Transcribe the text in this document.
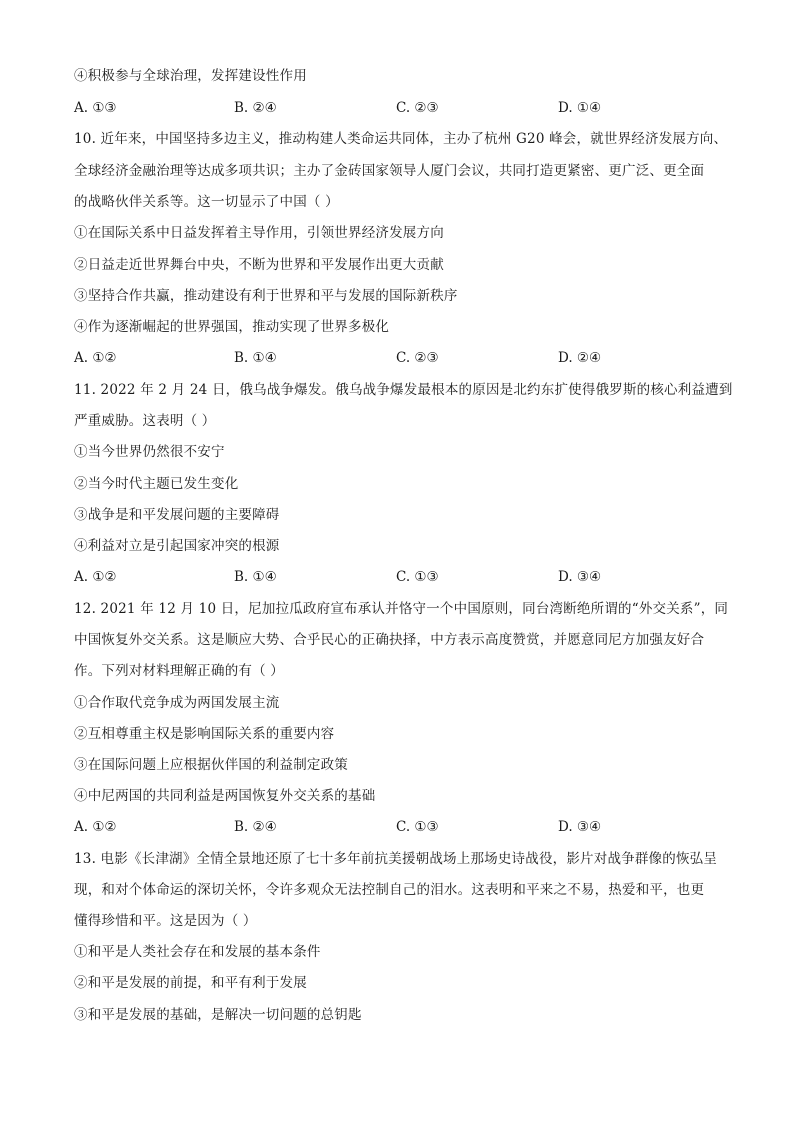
④积极参与全球治理，发挥建设性作用
A. ①③	B. ②④	C. ②③	D. ①④
10. 近年来，中国坚持多边主义，推动构建人类命运共同体，主办了杭州 G20 峰会，就世界经济发展方向、
全球经济金融治理等达成多项共识；主办了金砖国家领导人厦门会议，共同打造更紧密、更广泛、更全面
的战略伙伴关系等。这一切显示了中国（ ）
①在国际关系中日益发挥着主导作用，引领世界经济发展方向
②日益走近世界舞台中央，不断为世界和平发展作出更大贡献
③坚持合作共赢，推动建设有利于世界和平与发展的国际新秩序
④作为逐渐崛起的世界强国，推动实现了世界多极化
A. ①②	B. ①④	C. ②③	D. ②④
11. 2022 年 2 月 24 日，俄乌战争爆发。俄乌战争爆发最根本的原因是北约东扩使得俄罗斯的核心利益遭到
严重威胁。这表明（ ）
①当今世界仍然很不安宁
②当今时代主题已发生变化
③战争是和平发展问题的主要障碍
④利益对立是引起国家冲突的根源
A. ①②	B. ①④	C. ①③	D. ③④
12. 2021 年 12 月 10 日，尼加拉瓜政府宣布承认并恪守一个中国原则，同台湾断绝所谓的“外交关系”，同
中国恢复外交关系。这是顺应大势、合乎民心的正确抉择，中方表示高度赞赏，并愿意同尼方加强友好合
作。下列对材料理解正确的有（ ）
①合作取代竞争成为两国发展主流
②互相尊重主权是影响国际关系的重要内容
③在国际问题上应根据伙伴国的利益制定政策
④中尼两国的共同利益是两国恢复外交关系的基础
A. ①②	B. ②④	C. ①③	D. ③④
13. 电影《长津湖》全情全景地还原了七十多年前抗美援朝战场上那场史诗战役，影片对战争群像的恢弘呈
现，和对个体命运的深切关怀，令许多观众无法控制自己的泪水。这表明和平来之不易，热爱和平，也更
懂得珍惜和平。这是因为（ ）
①和平是人类社会存在和发展的基本条件
②和平是发展的前提，和平有利于发展
③和平是发展的基础，是解决一切问题的总钥匙
